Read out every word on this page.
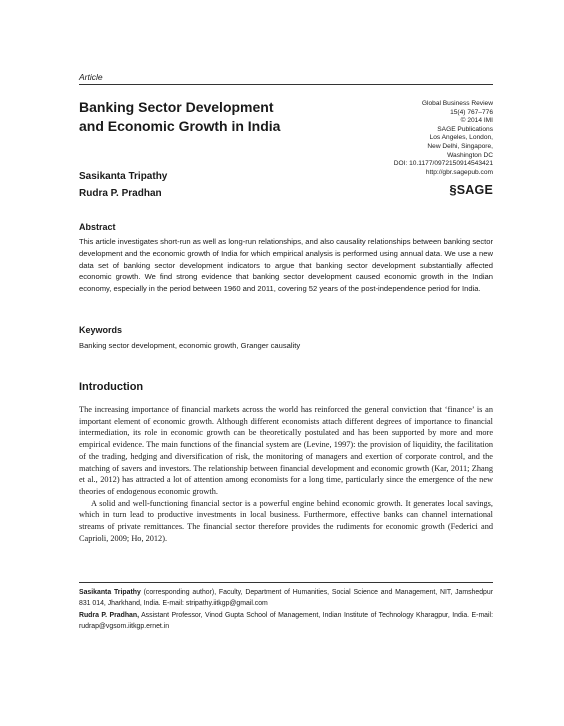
Article
Banking Sector Development
and Economic Growth in India
Global Business Review
15(4) 767–776
© 2014 IMI
SAGE Publications
Los Angeles, London,
New Delhi, Singapore,
Washington DC
DOI: 10.1177/0972150914543421
http://gbr.sagepub.com
§SAGE
Sasikanta Tripathy
Rudra P. Pradhan
Abstract
This article investigates short-run as well as long-run relationships, and also causality relationships between banking sector development and the economic growth of India for which empirical analysis is performed using annual data. We use a new data set of banking sector development indicators to argue that banking sector development substantially affected economic growth. We find strong evidence that banking sector development caused economic growth in the Indian economy, especially in the period between 1960 and 2011, covering 52 years of the post-independence period for India.
Keywords
Banking sector development, economic growth, Granger causality
Introduction

The increasing importance of financial markets across the world has reinforced the general conviction that ‘finance’ is an important element of economic growth. Although different economists attach different degrees of importance to financial intermediation, its role in economic growth can be theoretically postulated and has been supported by more and more empirical evidence. The main functions of the financial system are (Levine, 1997): the provision of liquidity, the facilitation of the trading, hedging and diversification of risk, the monitoring of managers and exertion of corporate control, and the matching of savers and investors. The relationship between financial development and economic growth (Kar, 2011; Zhang et al., 2012) has attracted a lot of attention among economists for a long time, particularly since the emergence of the new theories of endogenous economic growth.

A solid and well-functioning financial sector is a powerful engine behind economic growth. It generates local savings, which in turn lead to productive investments in local business. Furthermore, effective banks can channel international streams of private remittances. The financial sector therefore provides the rudiments for economic growth (Federici and Caprioli, 2009; Ho, 2012).

Sasikanta Tripathy (corresponding author), Faculty, Department of Humanities, Social Science and Management, NIT, Jamshedpur 831 014, Jharkhand, India. E-mail: stripathy.iitkgp@gmail.com

Rudra P. Pradhan, Assistant Professor, Vinod Gupta School of Management, Indian Institute of Technology Kharagpur, India. E-mail: rudrap@vgsom.iitkgp.ernet.in
